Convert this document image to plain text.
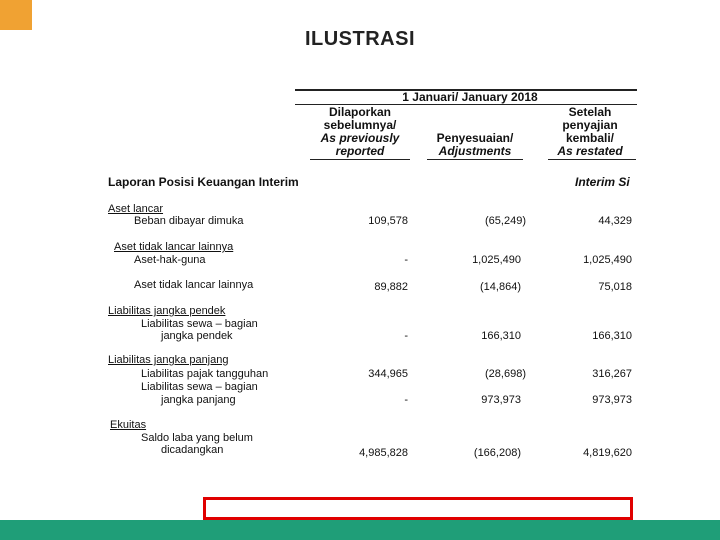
ILUSTRASI
1 Januari/ January 2018
Dilaporkan
sebelumnya/
As previously
reported
Penyesuaian/
Adjustments
Setelah
penyajian
kembali/
As restated
Laporan Posisi Keuangan Interim	Interim Si
Aset lancar
Beban dibayar dimuka	109,578	(65,249)	44,329
Aset tidak lancar lainnya
Aset-hak-guna	-	1,025,490	1,025,490
Aset tidak lancar lainnya	89,882	(14,864)	75,018
Liabilitas jangka pendek
Liabilitas sewa – bagian
jangka pendek	-	166,310	166,310
Liabilitas jangka panjang
Liabilitas pajak tangguhan	344,965	(28,698)	316,267
Liabilitas sewa – bagian
jangka panjang	-	973,973	973,973
Ekuitas
Saldo laba yang belum
dicadangkan	4,985,828	(166,208)	4,819,620
